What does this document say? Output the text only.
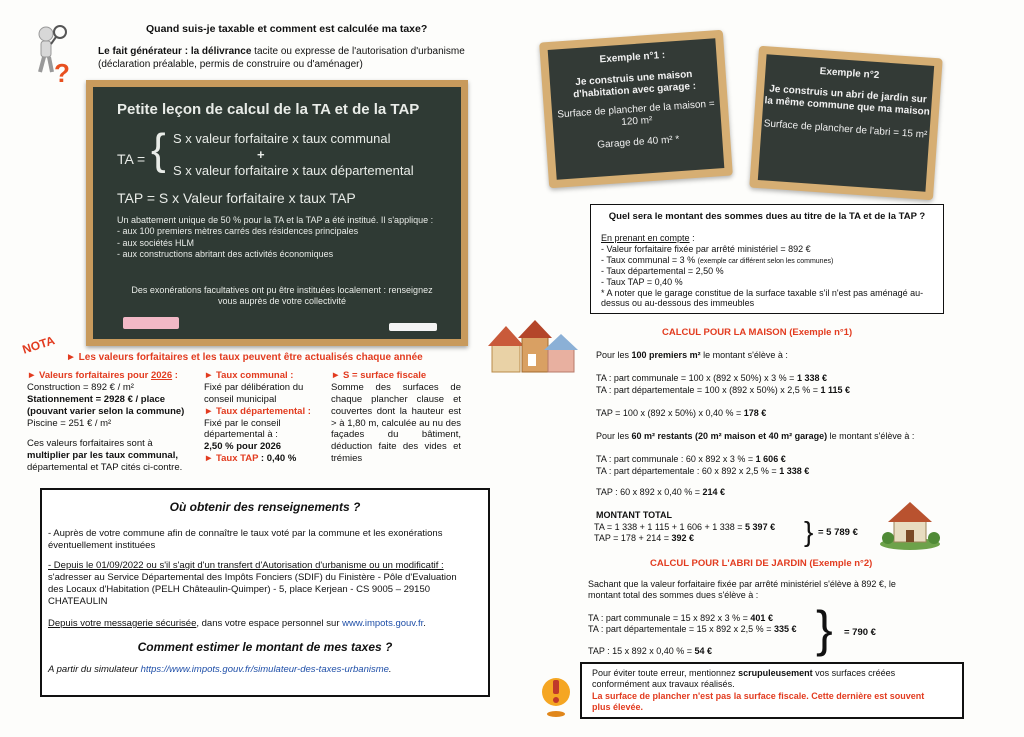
?
Quand suis-je taxable et comment est calculée ma taxe?
Le fait générateur : la délivrance tacite ou expresse de l'autorisation d'urbanisme
(déclaration préalable, permis de construire ou d'aménager)
Petite leçon de calcul de la TA et de la TAP
TA = { S x valeur forfaitaire x taux communal
+
S x valeur forfaitaire x taux départemental
TAP = S x Valeur forfaitaire x taux TAP
Un abattement unique de 50 % pour la TA et la TAP a été institué. Il s'applique :
- aux 100 premiers mètres carrés des résidences principales
- aux sociétés HLM
- aux constructions abritant des activités économiques
Des exonérations facultatives ont pu être instituées localement : renseignez
vous auprès de votre collectivité
NOTA
► Les valeurs forfaitaires et les taux peuvent être actualisés chaque année
► Valeurs forfaitaires pour 2026 :
Construction = 892 € / m²
Stationnement = 2928 € / place
(pouvant varier selon la commune)
Piscine = 251 € / m²
Ces valeurs forfaitaires sont à
multiplier par les taux communal,
départemental et TAP cités ci-contre.
► Taux communal :
Fixé par délibération du conseil municipal
► Taux départemental :
Fixé par le conseil départemental à :
2,50 % pour 2026
► Taux TAP : 0,40 %
► S = surface fiscale
Somme des surfaces de chaque plancher clause et couvertes dont la hauteur est > à 1,80 m, calculée au nu des façades du bâtiment, déduction faite des vides et trémies
Où obtenir des renseignements ?
- Auprès de votre commune afin de connaître le taux voté par la commune et les exonérations éventuellement instituées
- Depuis le 01/09/2022 ou s'il s'agit d'un transfert d'Autorisation d'urbanisme ou un modificatif :
s'adresser au Service Départemental des Impôts Fonciers (SDIF) du Finistère - Pôle d'Evaluation
des Locaux d'Habitation (PELH Châteaulin-Quimper) - 5, place Kerjean - CS 9005 – 29150
CHATEAULIN
Depuis votre messagerie sécurisée, dans votre espace personnel sur www.impots.gouv.fr.
Comment estimer le montant de mes taxes ?
A partir du simulateur https://www.impots.gouv.fr/simulateur-des-taxes-urbanisme.
Exemple n°1 :
Je construis une maison d'habitation avec garage :
Surface de plancher de la maison = 120 m²
Garage de 40 m² *
Exemple n°2
Je construis un abri de jardin sur la même commune que ma maison
Surface de plancher de l'abri = 15 m²
Quel sera le montant des sommes dues au titre de la TA et de la TAP ?
En prenant en compte :
- Valeur forfaitaire fixée par arrêté ministériel = 892 €
- Taux communal = 3 % (exemple car différent selon les communes)
- Taux départemental = 2,50 %
- Taux TAP = 0,40 %
* A noter que le garage constitue de la surface taxable s'il n'est pas aménagé au-dessus ou au-dessous des immeubles
CALCUL POUR LA MAISON (Exemple n°1)
Pour les 100 premiers m² le montant s'élève à :
TA : part communale = 100 x (892 x 50%) x 3 % = 1 338 €
TA : part départementale = 100 x (892 x 50%) x 2,5 % = 1 115 €
TAP = 100 x (892 x 50%) x 0,40 % = 178 €
Pour les 60 m² restants (20 m² maison et 40 m² garage) le montant s'élève à :
TA : part communale : 60 x 892 x 3 % = 1 606 €
TA : part départementale : 60 x 892 x 2,5 % = 1 338 €
TAP : 60 x 892 x 0,40 % = 214 €
MONTANT TOTAL
TA = 1 338 + 1 115 + 1 606 + 1 338 = 5 397 €
TAP = 178 + 214 = 392 €	} = 5 789 €
CALCUL POUR L'ABRI DE JARDIN (Exemple n°2)
Sachant que la valeur forfaitaire fixée par arrêté ministériel s'élève à 892 €, le
montant total des sommes dues s'élève à :
TA : part communale = 15 x 892 x 3 % = 401 €
TA : part départementale = 15 x 892 x 2,5 % = 335 €
TAP : 15 x 892 x 0,40 % = 54 €	} = 790 €
Pour éviter toute erreur, mentionnez scrupuleusement vos surfaces créées conformément aux travaux réalisés.
La surface de plancher n'est pas la surface fiscale. Cette dernière est souvent plus élevée.
